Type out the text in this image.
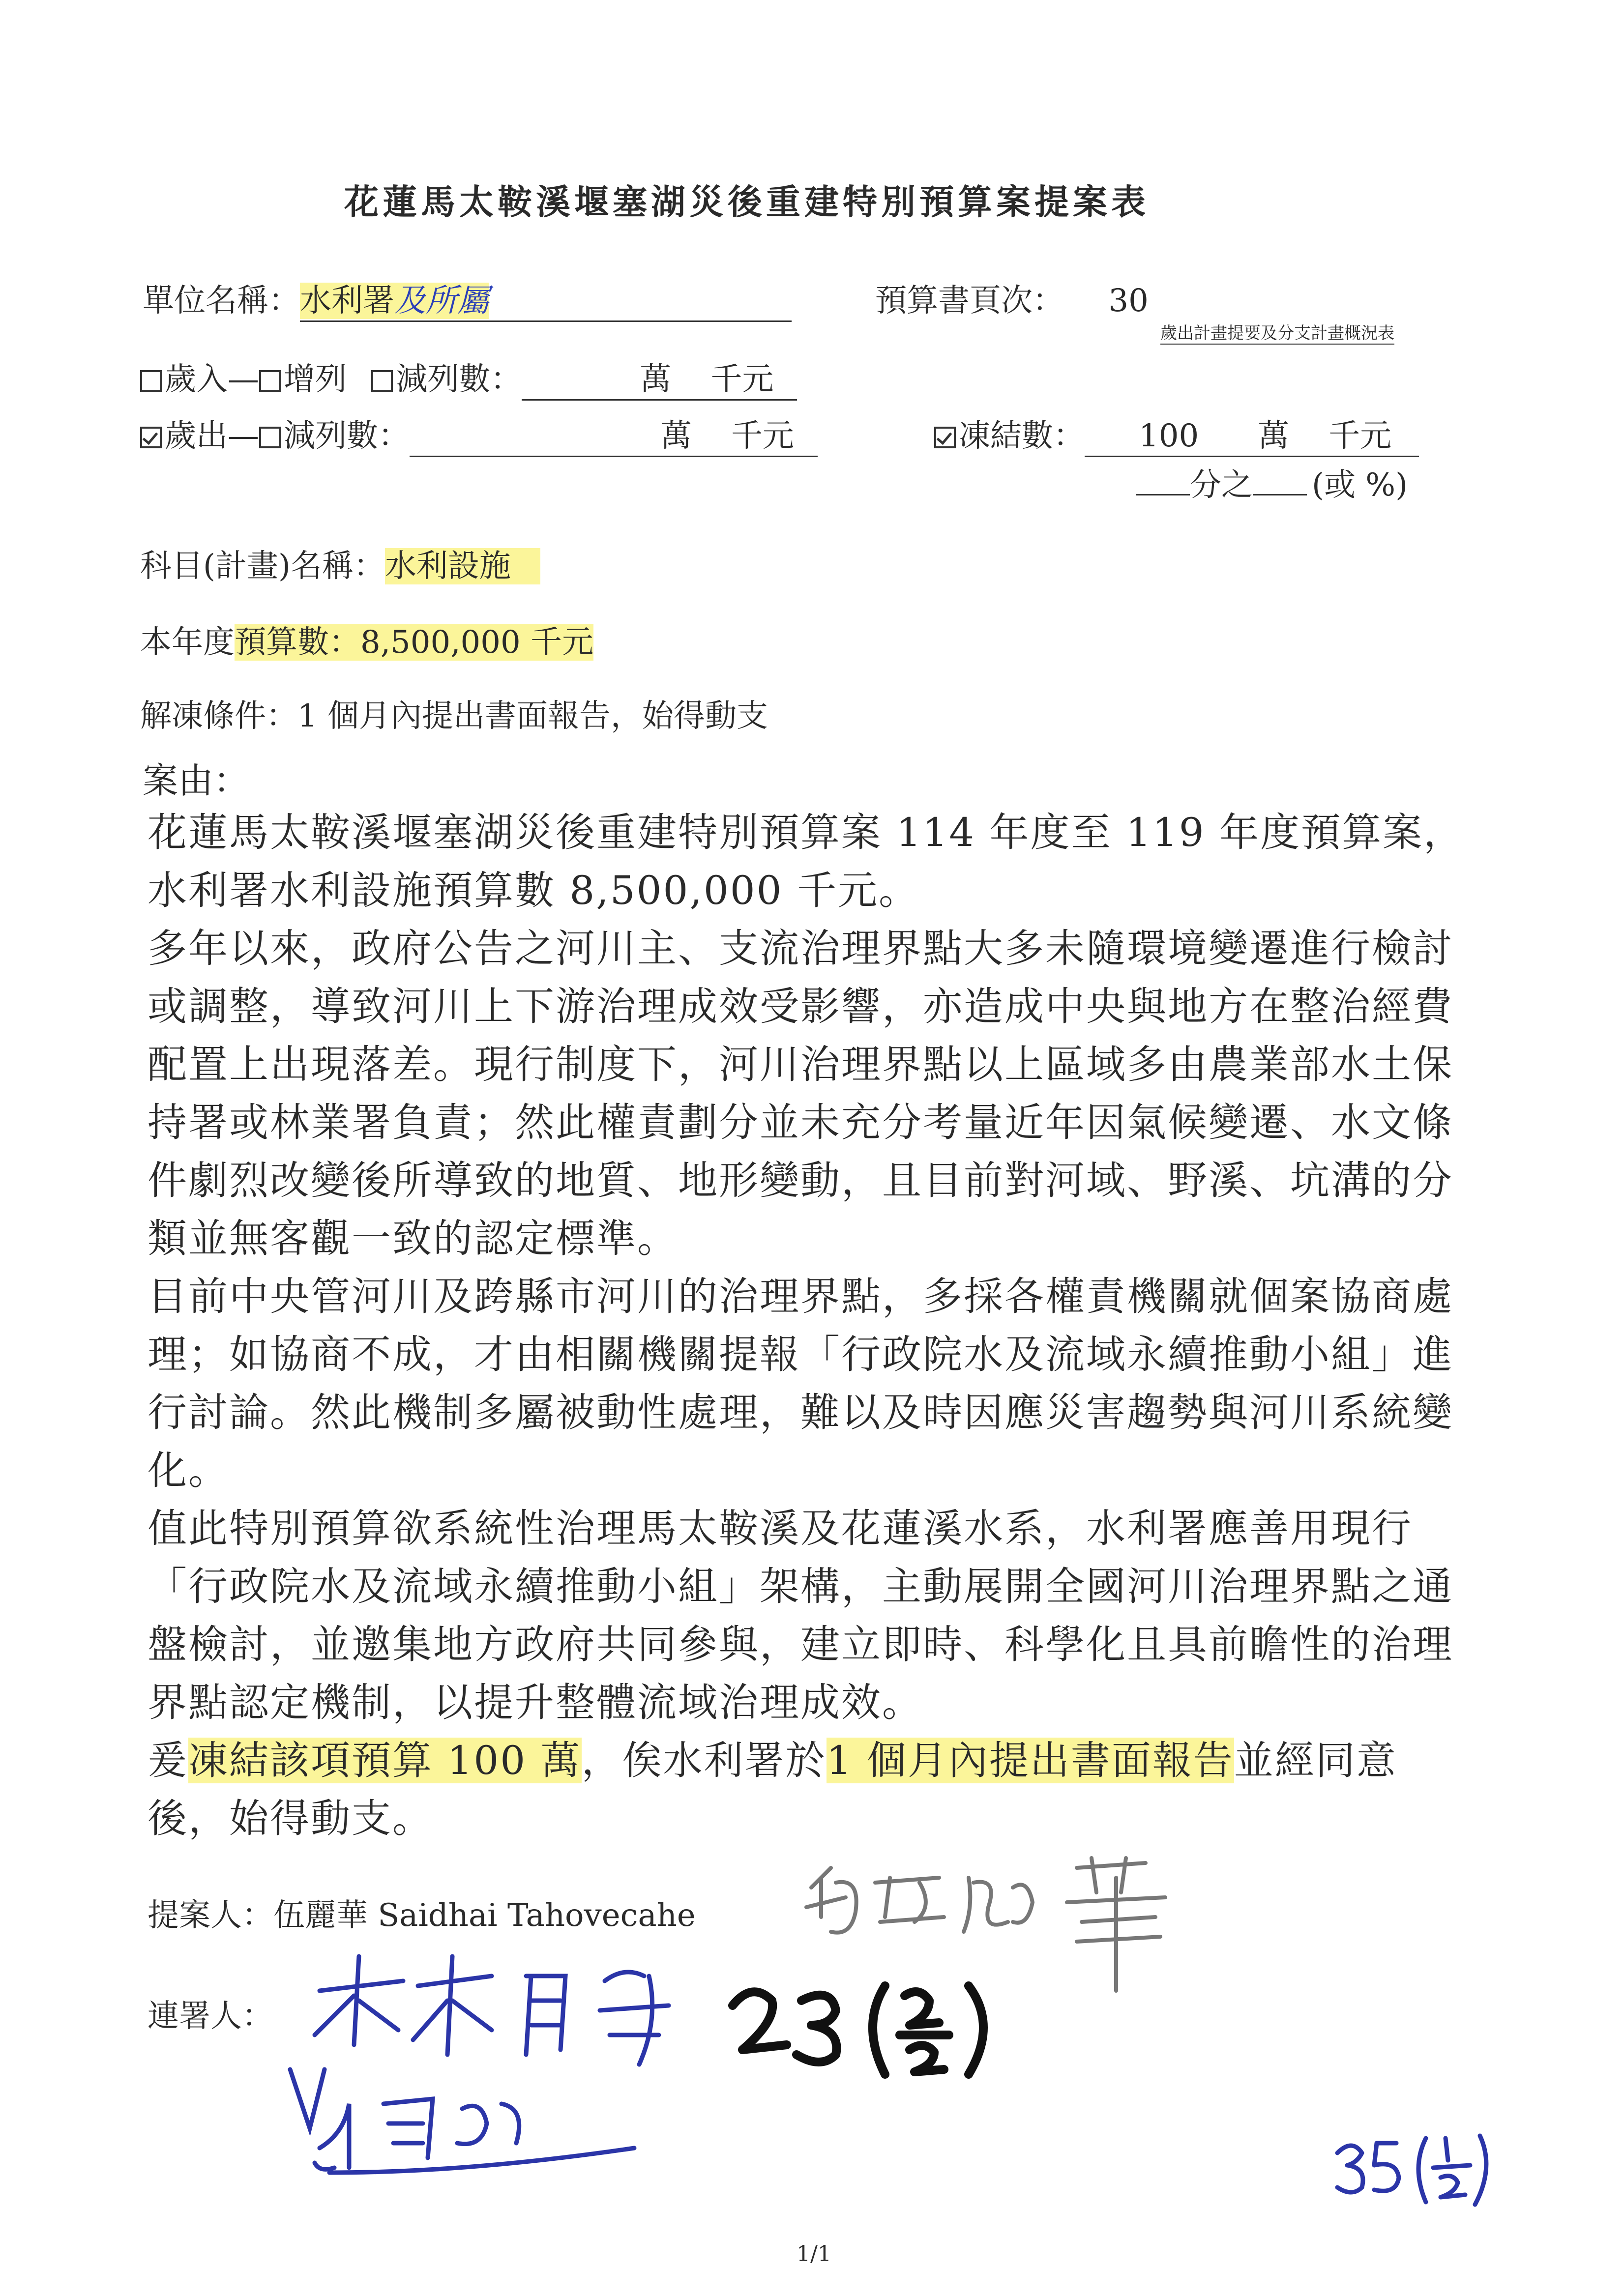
花蓮馬太鞍溪堰塞湖災後重建特別預算案提案表
單位名稱：水利署及所屬	預算書頁次： 30
歲出計畫提要及分支計畫概況表
歲入— 增列 減列數：	萬 千元
歲出— 減列數：	萬 千元	凍結數： 100 萬 千元
分之 (或 %)
科目(計畫)名稱：水利設施
本年度預算數：8,500,000 千元
解凍條件：1 個月內提出書面報告，始得動支
案由：

花蓮馬太鞍溪堰塞湖災後重建特別預算案 114 年度至 119 年度預算案，水利署水利設施預算數 8,500,000 千元。

多年以來，政府公告之河川主、支流治理界點大多未隨環境變遷進行檢討或調整，導致河川上下游治理成效受影響，亦造成中央與地方在整治經費配置上出現落差。現行制度下，河川治理界點以上區域多由農業部水土保持署或林業署負責；然此權責劃分並未充分考量近年因氣候變遷、水文條件劇烈改變後所導致的地質、地形變動，且目前對河域、野溪、坑溝的分類並無客觀一致的認定標準。

目前中央管河川及跨縣市河川的治理界點，多採各權責機關就個案協商處理；如協商不成，才由相關機關提報「行政院水及流域永續推動小組」進行討論。然此機制多屬被動性處理，難以及時因應災害趨勢與河川系統變化。

值此特別預算欲系統性治理馬太鞍溪及花蓮溪水系，水利署應善用現行「行政院水及流域永續推動小組」架構，主動展開全國河川治理界點之通盤檢討，並邀集地方政府共同參與，建立即時、科學化且具前瞻性的治理界點認定機制，以提升整體流域治理成效。

爰凍結該項預算 100 萬，俟水利署於1 個月內提出書面報告並經同意後，始得動支。

提案人：伍麗華 Saidhai Tahovecahe
連署人：
1/1
